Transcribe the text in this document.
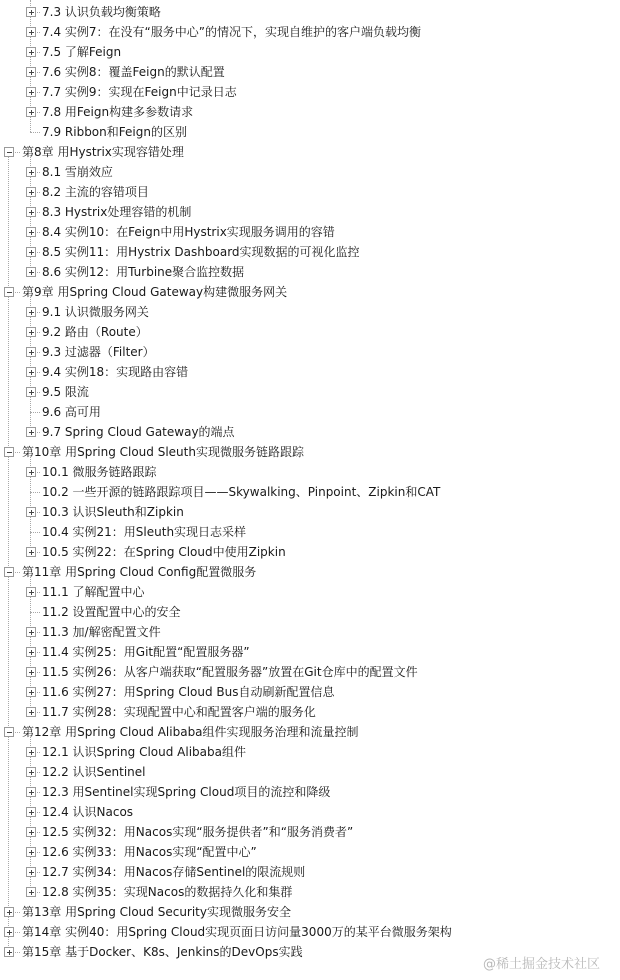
7.3 认识负载均衡策略
7.4 实例7：在没有“服务中心”的情况下，实现自维护的客户端负载均衡
7.5 了解Feign
7.6 实例8：覆盖Feign的默认配置
7.7 实例9：实现在Feign中记录日志
7.8 用Feign构建多参数请求
7.9 Ribbon和Feign的区别
第8章 用Hystrix实现容错处理
8.1 雪崩效应
8.2 主流的容错项目
8.3 Hystrix处理容错的机制
8.4 实例10：在Feign中用Hystrix实现服务调用的容错
8.5 实例11：用Hystrix Dashboard实现数据的可视化监控
8.6 实例12：用Turbine聚合监控数据
第9章 用Spring Cloud Gateway构建微服务网关
9.1 认识微服务网关
9.2 路由（Route）
9.3 过滤器（Filter）
9.4 实例18：实现路由容错
9.5 限流
9.6 高可用
9.7 Spring Cloud Gateway的端点
第10章 用Spring Cloud Sleuth实现微服务链路跟踪
10.1 微服务链路跟踪
10.2 一些开源的链路跟踪项目——Skywalking、Pinpoint、Zipkin和CAT
10.3 认识Sleuth和Zipkin
10.4 实例21：用Sleuth实现日志采样
10.5 实例22：在Spring Cloud中使用Zipkin
第11章 用Spring Cloud Config配置微服务
11.1 了解配置中心
11.2 设置配置中心的安全
11.3 加/解密配置文件
11.4 实例25：用Git配置“配置服务器”
11.5 实例26：从客户端获取“配置服务器”放置在Git仓库中的配置文件
11.6 实例27：用Spring Cloud Bus自动刷新配置信息
11.7 实例28：实现配置中心和配置客户端的服务化
第12章 用Spring Cloud Alibaba组件实现服务治理和流量控制
12.1 认识Spring Cloud Alibaba组件
12.2 认识Sentinel
12.3 用Sentinel实现Spring Cloud项目的流控和降级
12.4 认识Nacos
12.5 实例32：用Nacos实现“服务提供者”和“服务消费者”
12.6 实例33：用Nacos实现“配置中心”
12.7 实例34：用Nacos存储Sentinel的限流规则
12.8 实例35：实现Nacos的数据持久化和集群
第13章 用Spring Cloud Security实现微服务安全
第14章 实例40：用Spring Cloud实现页面日访问量3000万的某平台微服务架构
第15章 基于Docker、K8s、Jenkins的DevOps实践
@稀土掘金技术社区
